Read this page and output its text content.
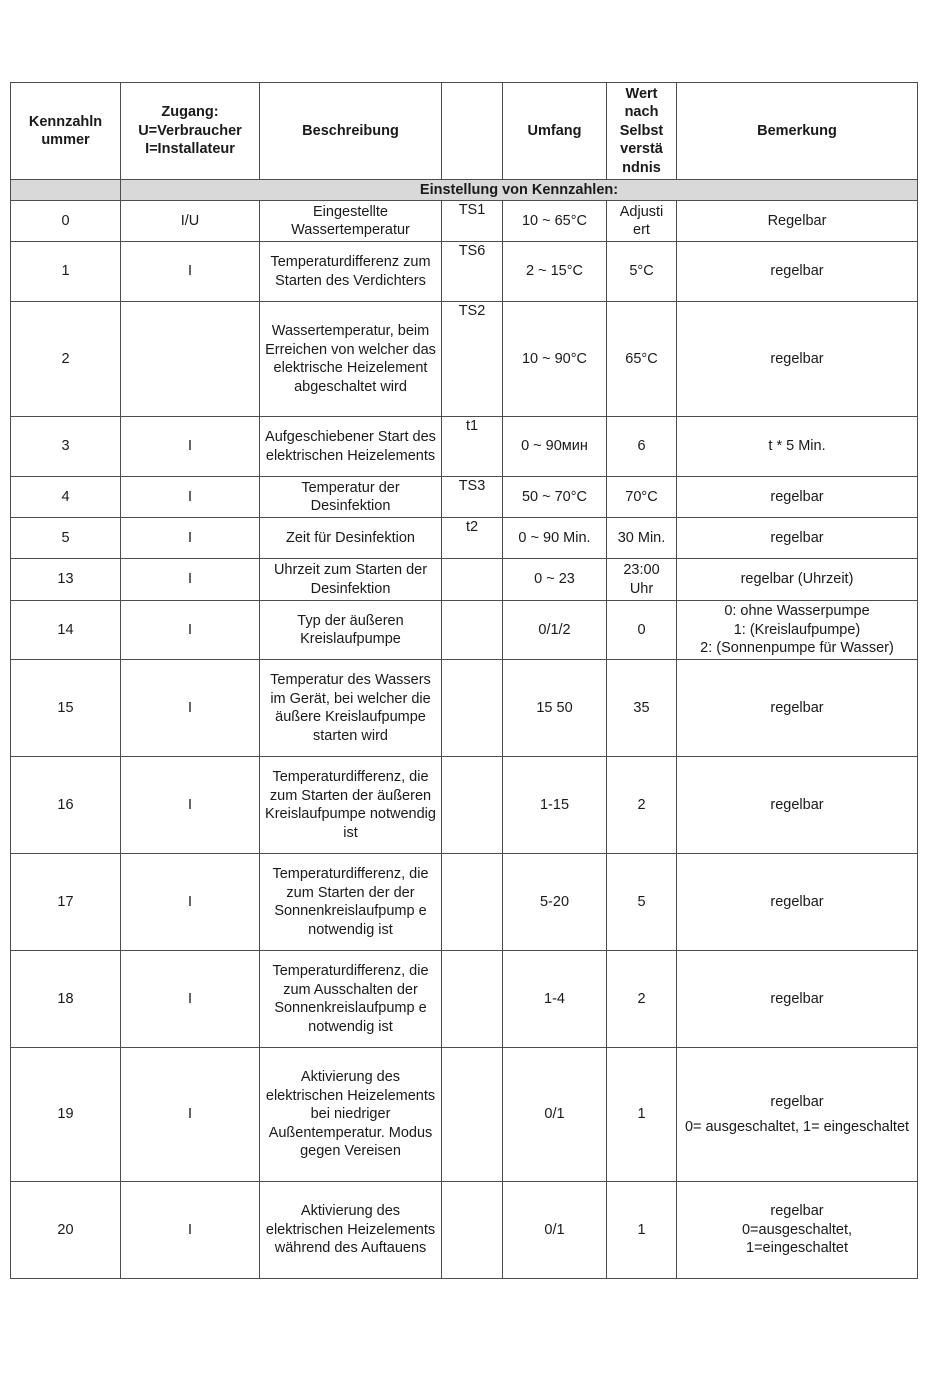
Kennzahln
ummer	Zugang:
U=Verbraucher
I=Installateur	Beschreibung		Umfang	Wert
nach
Selbst
verstä
ndnis	Bemerkung

	Einstellung von Kennzahlen:					
0	I/U	Eingestellte Wassertemperatur	TS1	10 ~ 65°C	Adjusti ert	Regelbar
1	I	Temperaturdifferenz zum Starten des Verdichters	TS6	2 ~ 15°C	5°C	regelbar
2		Wassertemperatur, beim Erreichen von welcher das elektrische Heizelement abgeschaltet wird	TS2	10 ~ 90°C	65°C	regelbar
3	I	Aufgeschiebener Start des elektrischen Heizelements	t1	0 ~ 90мин	6	t * 5 Min.
4	I	Temperatur der Desinfektion	TS3	50 ~ 70°C	70°C	regelbar
5	I	Zeit für Desinfektion	t2	0 ~ 90 Min.	30 Min.	regelbar
13	I	Uhrzeit zum Starten der Desinfektion		0 ~ 23	23:00 Uhr	regelbar (Uhrzeit)
14	I	Typ der äußeren Kreislaufpumpe		0/1/2	0	0: ohne Wasserpumpe
1: (Kreislaufpumpe)
2: (Sonnenpumpe für Wasser)

15	I	Temperatur des Wassers im Gerät, bei welcher die äußere Kreislaufpumpe starten wird		15 50	35	regelbar
16	I	Temperaturdifferenz, die zum Starten der äußeren Kreislaufpumpe notwendig ist		1-15	2	regelbar
17	I	Temperaturdifferenz, die zum Starten der der Sonnenkreislaufpump e notwendig ist		5-20	5	regelbar
18	I	Temperaturdifferenz, die zum Ausschalten der Sonnenkreislaufpump e notwendig ist		1-4	2	regelbar
19	I	Aktivierung des elektrischen Heizelements bei niedriger Außentemperatur. Modus gegen Vereisen		0/1	1	regelbar
0= ausgeschaltet, 1= eingeschaltet

20	I	Aktivierung des elektrischen Heizelements während des Auftauens		0/1	1	regelbar
0=ausgeschaltet,
1=eingeschaltet
